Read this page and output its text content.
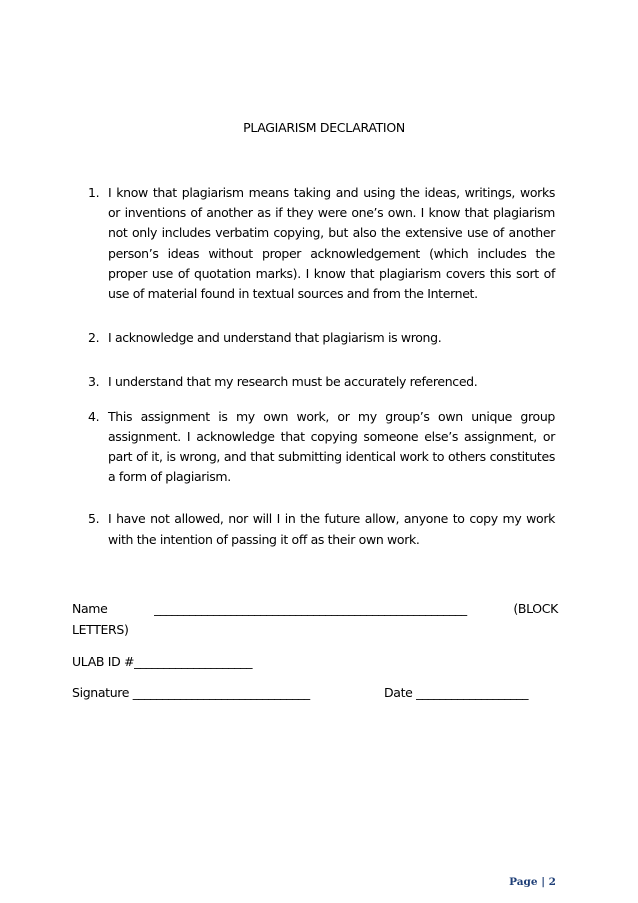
PLAGIARISM DECLARATION
1. I know that plagiarism means taking and using the ideas, writings, works or inventions of another as if they were one’s own. I know that plagiarism not only includes verbatim copying, but also the extensive use of another person’s ideas without proper acknowledgement (which includes the proper use of quotation marks). I know that plagiarism covers this sort of use of material found in textual sources and from the Internet.
2. I acknowledge and understand that plagiarism is wrong.
3. I understand that my research must be accurately referenced.
4. This assignment is my own work, or my group’s own unique group assignment. I acknowledge that copying someone else’s assignment, or part of it, is wrong, and that submitting identical work to others constitutes a form of plagiarism.
5. I have not allowed, nor will I in the future allow, anyone to copy my work with the intention of passing it off as their own work.
Name	_____________________________________________________	(BLOCK
LETTERS)
ULAB ID #____________________
Signature ______________________________	Date ___________________
Page | 2
